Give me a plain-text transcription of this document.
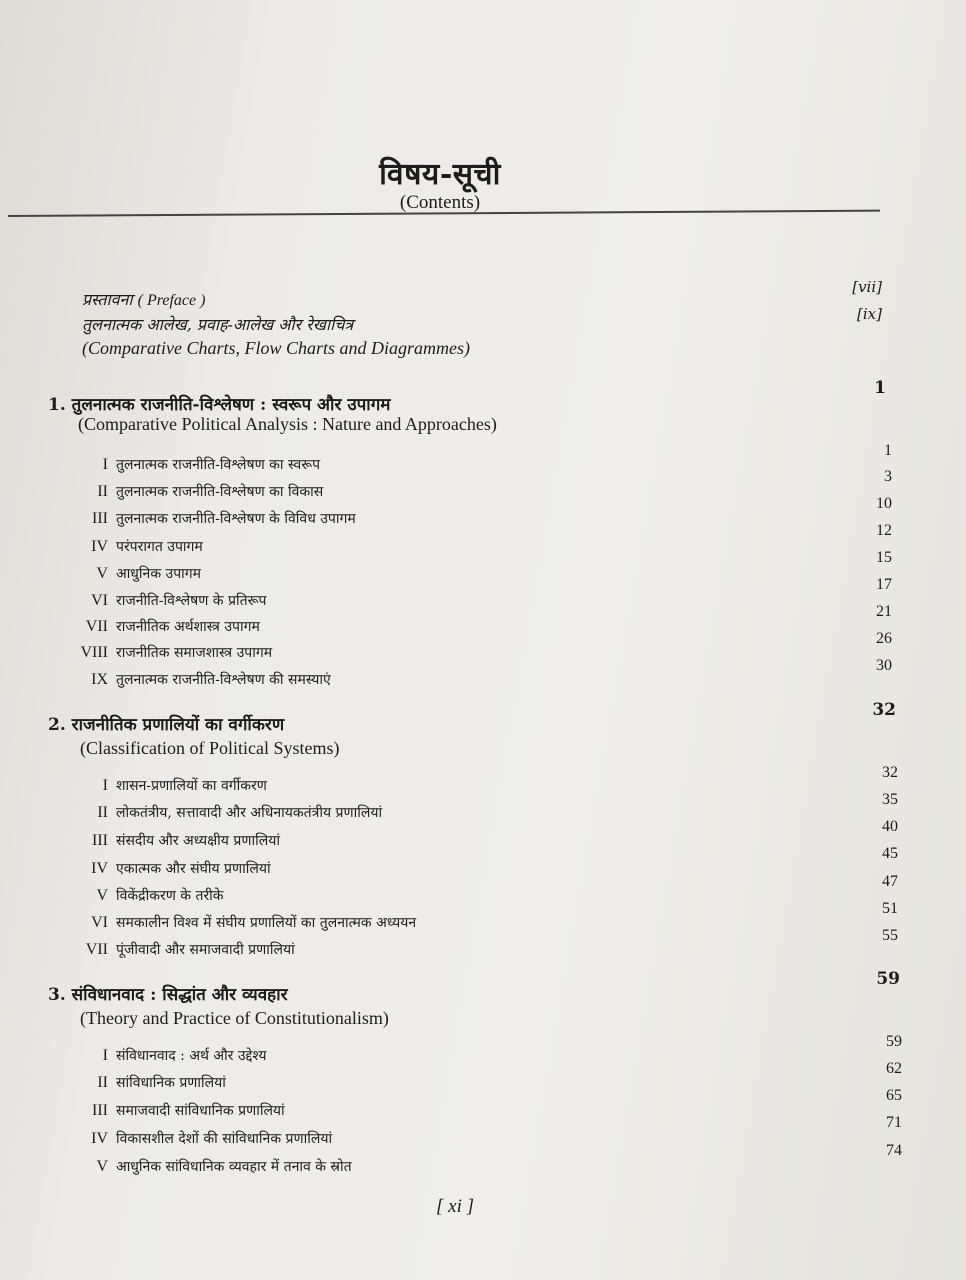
विषय-सूची
(Contents)
प्रस्तावना ( Preface )
[vii]
तुलनात्मक आलेख, प्रवाह-आलेख और रेखाचित्र
(Comparative Charts, Flow Charts and Diagrammes)
[ix]
1. तुलनात्मक राजनीति-विश्लेषण : स्वरूप और उपागम
1
(Comparative Political Analysis : Nature and Approaches)
I तुलनात्मक राजनीति-विश्लेषण का स्वरूप
1
II तुलनात्मक राजनीति-विश्लेषण का विकास
3
III तुलनात्मक राजनीति-विश्लेषण के विविध उपागम
10
IV परंपरागत उपागम
12
V आधुनिक उपागम
15
VI राजनीति-विश्लेषण के प्रतिरूप
17
VII राजनीतिक अर्थशास्त्र उपागम
21
VIII राजनीतिक समाजशास्त्र उपागम
26
IX तुलनात्मक राजनीति-विश्लेषण की समस्याएं
30
2. राजनीतिक प्रणालियों का वर्गीकरण
32
(Classification of Political Systems)
I शासन-प्रणालियों का वर्गीकरण
32
II लोकतंत्रीय, सत्तावादी और अधिनायकतंत्रीय प्रणालियां
35
III संसदीय और अध्यक्षीय प्रणालियां
40
IV एकात्मक और संघीय प्रणालियां
45
V विकेंद्रीकरण के तरीके
47
VI समकालीन विश्व में संघीय प्रणालियों का तुलनात्मक अध्ययन
51
VII पूंजीवादी और समाजवादी प्रणालियां
55
3. संविधानवाद : सिद्धांत और व्यवहार
59
(Theory and Practice of Constitutionalism)
I संविधानवाद : अर्थ और उद्देश्य
59
II सांविधानिक प्रणालियां
62
III समाजवादी सांविधानिक प्रणालियां
65
IV विकासशील देशों की सांविधानिक प्रणालियां
71
V आधुनिक सांविधानिक व्यवहार में तनाव के स्रोत
74
[ xi ]
